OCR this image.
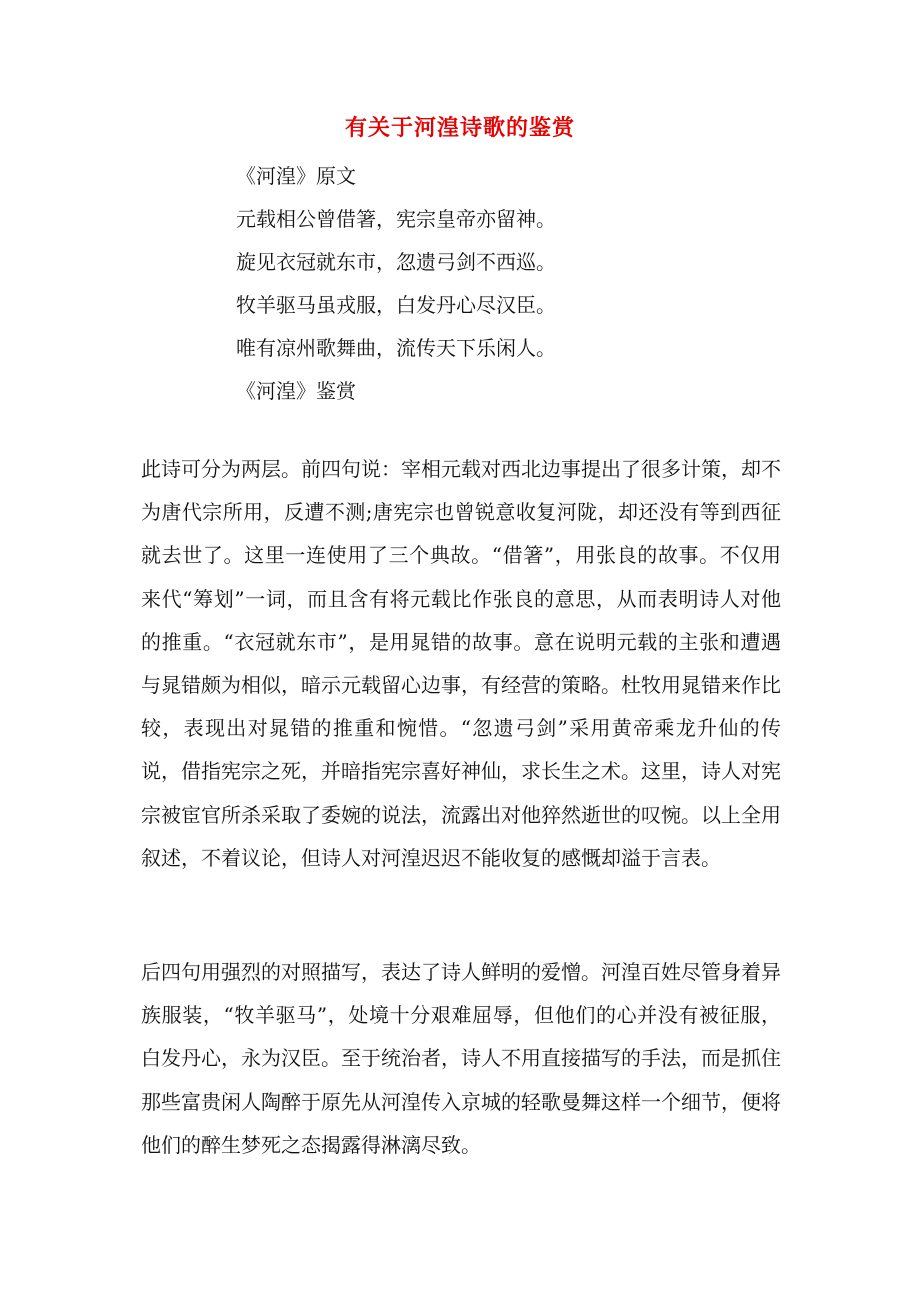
有关于河湟诗歌的鉴赏
《河湟》原文
元载相公曾借箸，宪宗皇帝亦留神。
旋见衣冠就东市，忽遗弓剑不西巡。
牧羊驱马虽戎服，白发丹心尽汉臣。
唯有凉州歌舞曲，流传天下乐闲人。
《河湟》鉴赏
此诗可分为两层。前四句说：宰相元载对西北边事提出了很多计策，却不为唐代宗所用，反遭不测;唐宪宗也曾锐意收复河陇，却还没有等到西征就去世了。这里一连使用了三个典故。“借箸”，用张良的故事。不仅用来代“筹划”一词，而且含有将元载比作张良的意思，从而表明诗人对他的推重。“衣冠就东市”，是用晁错的故事。意在说明元载的主张和遭遇与晁错颇为相似，暗示元载留心边事，有经营的策略。杜牧用晁错来作比较，表现出对晁错的推重和惋惜。“忽遗弓剑”采用黄帝乘龙升仙的传说，借指宪宗之死，并暗指宪宗喜好神仙，求长生之术。这里，诗人对宪宗被宦官所杀采取了委婉的说法，流露出对他猝然逝世的叹惋。以上全用叙述，不着议论，但诗人对河湟迟迟不能收复的感慨却溢于言表。
后四句用强烈的对照描写，表达了诗人鲜明的爱憎。河湟百姓尽管身着异族服装，“牧羊驱马”，处境十分艰难屈辱，但他们的心并没有被征服，白发丹心，永为汉臣。至于统治者，诗人不用直接描写的手法，而是抓住那些富贵闲人陶醉于原先从河湟传入京城的轻歌曼舞这样一个细节，便将他们的醉生梦死之态揭露得淋漓尽致。
